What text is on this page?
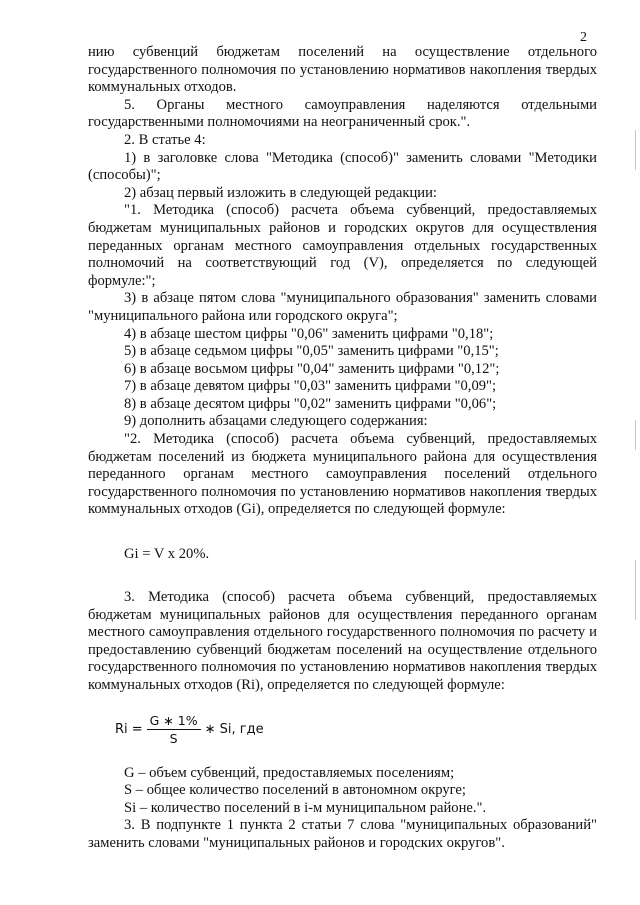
2

нию субвенций бюджетам поселений на осуществление отдельного государственного полномочия по установлению нормативов накопления твердых коммунальных отходов.

5. Органы местного самоуправления наделяются отдельными государственными полномочиями на неограниченный срок.".

2. В статье 4:

1) в заголовке слова "Методика (способ)" заменить словами "Методики (способы)";

2) абзац первый изложить в следующей редакции:

"1. Методика (способ) расчета объема субвенций, предоставляемых бюджетам муниципальных районов и городских округов для осуществления переданных органам местного самоуправления отдельных государственных полномочий на соответствующий год (V), определяется по следующей формуле:";

3) в абзаце пятом слова "муниципального образования" заменить словами "муниципального района или городского округа";

4) в абзаце шестом цифры "0,06" заменить цифрами "0,18";

5) в абзаце седьмом цифры "0,05" заменить цифрами "0,15";

6) в абзаце восьмом цифры "0,04" заменить цифрами "0,12";

7) в абзаце девятом цифры "0,03" заменить цифрами "0,09";

8) в абзаце десятом цифры "0,02" заменить цифрами "0,06";

9) дополнить абзацами следующего содержания:

"2. Методика (способ) расчета объема субвенций, предоставляемых бюджетам поселений из бюджета муниципального района для осуществления переданного органам местного самоуправления поселений отдельного государственного полномочия по установлению нормативов накопления твердых коммунальных отходов (Gi), определяется по следующей формуле:

Gi = V x 20%.

3. Методика (способ) расчета объема субвенций, предоставляемых бюджетам муниципальных районов для осуществления переданного органам местного самоуправления отдельного государственного полномочия по расчету и предоставлению субвенций бюджетам поселений на осуществление отдельного государственного полномочия по установлению нормативов накопления твердых коммунальных отходов (Ri), определяется по следующей формуле:

$Ri = \frac{G ∗ 1\%}{S}$ ∗ Si, где

G – объем субвенций, предоставляемых поселениям;

S – общее количество поселений в автономном округе;

Si – количество поселений в i-м муниципальном районе.".

3. В подпункте 1 пункта 2 статьи 7 слова "муниципальных образований" заменить словами "муниципальных районов и городских округов".
